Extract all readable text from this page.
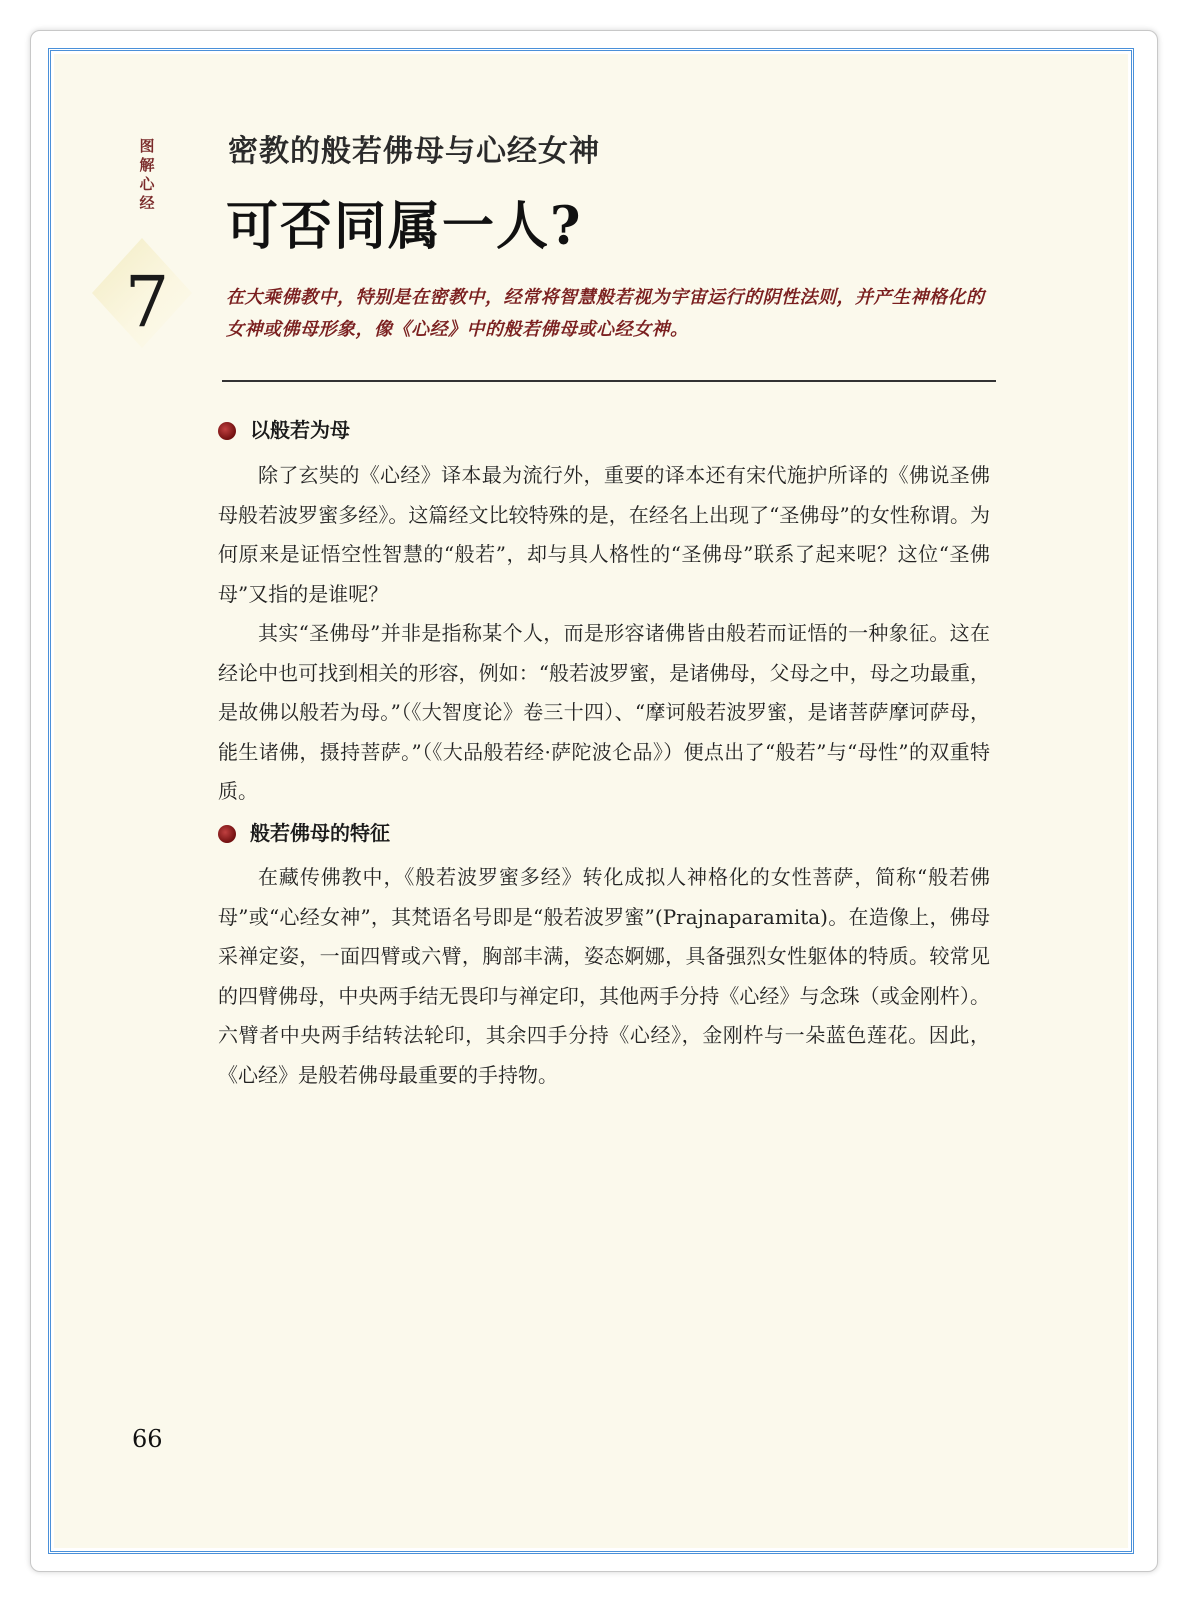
图解心经
7
密教的般若佛母与心经女神
可否同属一人?
在大乘佛教中，特别是在密教中，经常将智慧般若视为宇宙运行的阴性法则，并产生神格化的女神或佛母形象，像《心经》中的般若佛母或心经女神。
以般若为母
除了玄奘的《心经》译本最为流行外，重要的译本还有宋代施护所译的《佛说圣佛母般若波罗蜜多经》。这篇经文比较特殊的是，在经名上出现了“圣佛母”的女性称谓。为何原来是证悟空性智慧的“般若”，却与具人格性的“圣佛母”联系了起来呢？这位“圣佛母”又指的是谁呢？
其实“圣佛母”并非是指称某个人，而是形容诸佛皆由般若而证悟的一种象征。这在经论中也可找到相关的形容，例如：“般若波罗蜜，是诸佛母，父母之中，母之功最重，是故佛以般若为母。”（《大智度论》卷三十四）、“摩诃般若波罗蜜，是诸菩萨摩诃萨母，能生诸佛，摄持菩萨。”（《大品般若经·萨陀波仑品》）便点出了“般若”与“母性”的双重特质。
般若佛母的特征
在藏传佛教中，《般若波罗蜜多经》转化成拟人神格化的女性菩萨，简称“般若佛母”或“心经女神”，其梵语名号即是“般若波罗蜜”(Prajnaparamita)。在造像上，佛母采禅定姿，一面四臂或六臂，胸部丰满，姿态婀娜，具备强烈女性躯体的特质。较常见的四臂佛母，中央两手结无畏印与禅定印，其他两手分持《心经》与念珠（或金刚杵）。六臂者中央两手结转法轮印，其余四手分持《心经》，金刚杵与一朵蓝色莲花。因此，《心经》是般若佛母最重要的手持物。
66
